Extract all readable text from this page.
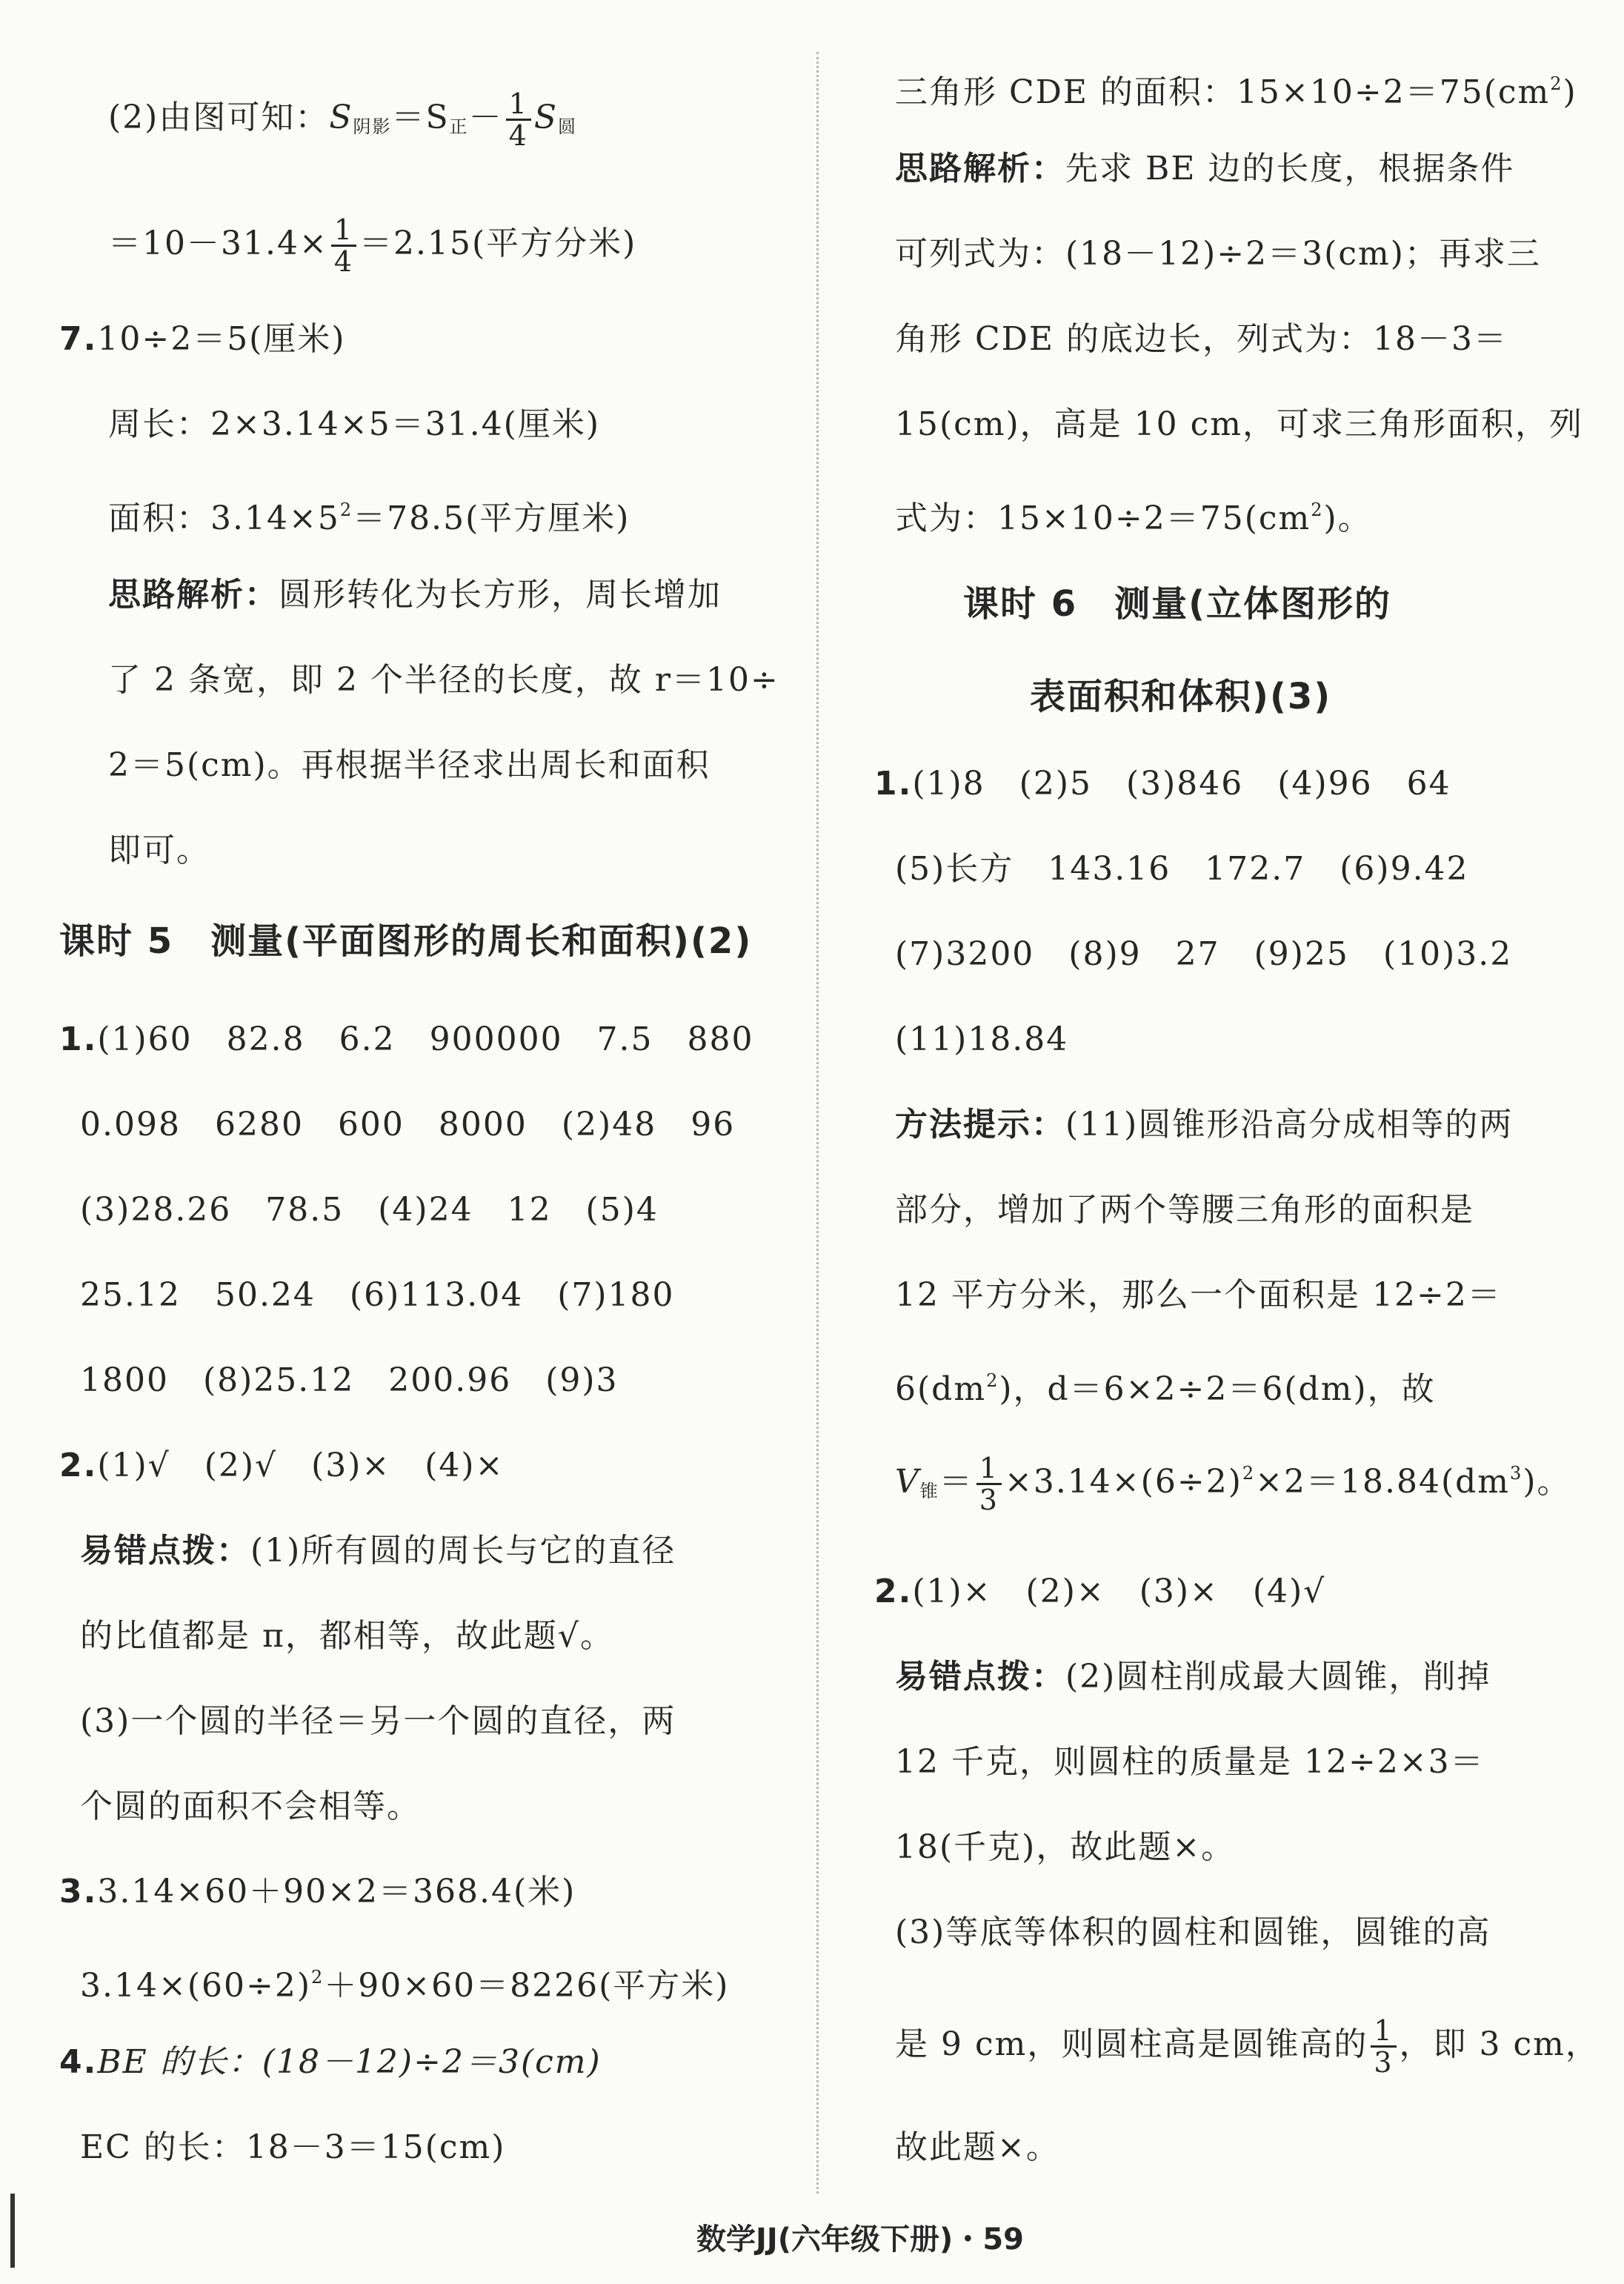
(2)由图可知：$S_{阴影}=S_正- \frac{1}{4} S_圆$
$=10-31.4\times \frac{1}{4} =2.15$(平方分米)
7.10÷2＝5(厘米)
周长：2×3.14×5＝31.4(厘米)
面积：$3.14\times 5^2=78.5$(平方厘米)
思路解析：圆形转化为长方形，周长增加
了 2 条宽，即 2 个半径的长度，故 r＝10÷
2＝5(cm)。再根据半径求出周长和面积
即可。
课时 5　测量(平面图形的周长和面积)(2)
1.(1)60　82.8　6.2　900000　7.5　880
0.098　6280　600　8000　(2)48　96
(3)28.26　78.5　(4)24　12　(5)4
25.12　50.24　(6)113.04　(7)180
1800　(8)25.12　200.96　(9)3
2.(1)√　(2)√　(3)×　(4)×
易错点拨：(1)所有圆的周长与它的直径
的比值都是 π，都相等，故此题√。
(3)一个圆的半径＝另一个圆的直径，两
个圆的面积不会相等。
3.3.14×60＋90×2＝368.4(米)
$3.14\times(60\div 2)^2+90\times 60=8226$(平方米)
4.BE 的长：(18－12)÷2＝3(cm)
EC 的长：18－3＝15(cm)
三角形 CDE 的面积：$15\times 10\div 2=75(cm^2)$
思路解析：先求 BE 边的长度，根据条件
可列式为：(18－12)÷2＝3(cm)；再求三
角形 CDE 的底边长，列式为：18－3＝
15(cm)，高是 10 cm，可求三角形面积，列
式为：$15\times 10\div 2=75(cm^2)$。
课时 6　测量(立体图形的
表面积和体积)(3)
1.(1)8　(2)5　(3)846　(4)96　64
(5)长方　143.16　172.7　(6)9.42
(7)3200　(8)9　27　(9)25　(10)3.2
(11)18.84
方法提示：(11)圆锥形沿高分成相等的两
部分，增加了两个等腰三角形的面积是
12 平方分米，那么一个面积是 12÷2＝
$6(dm^2)$，d＝6×2÷2＝6(dm)，故
$V_锥= \frac{1}{3} \times 3.14\times(6\div 2)^2\times 2=18.84(dm^3)$。
2.(1)×　(2)×　(3)×　(4)√
易错点拨：(2)圆柱削成最大圆锥，削掉
12 千克，则圆柱的质量是 12÷2×3＝
18(千克)，故此题×。
(3)等底等体积的圆柱和圆锥，圆锥的高
是 9 cm，则圆柱高是圆锥高的 $\frac{1}{3}$ ，即 3 cm，
故此题×。
数学JJ(六年级下册)・59
